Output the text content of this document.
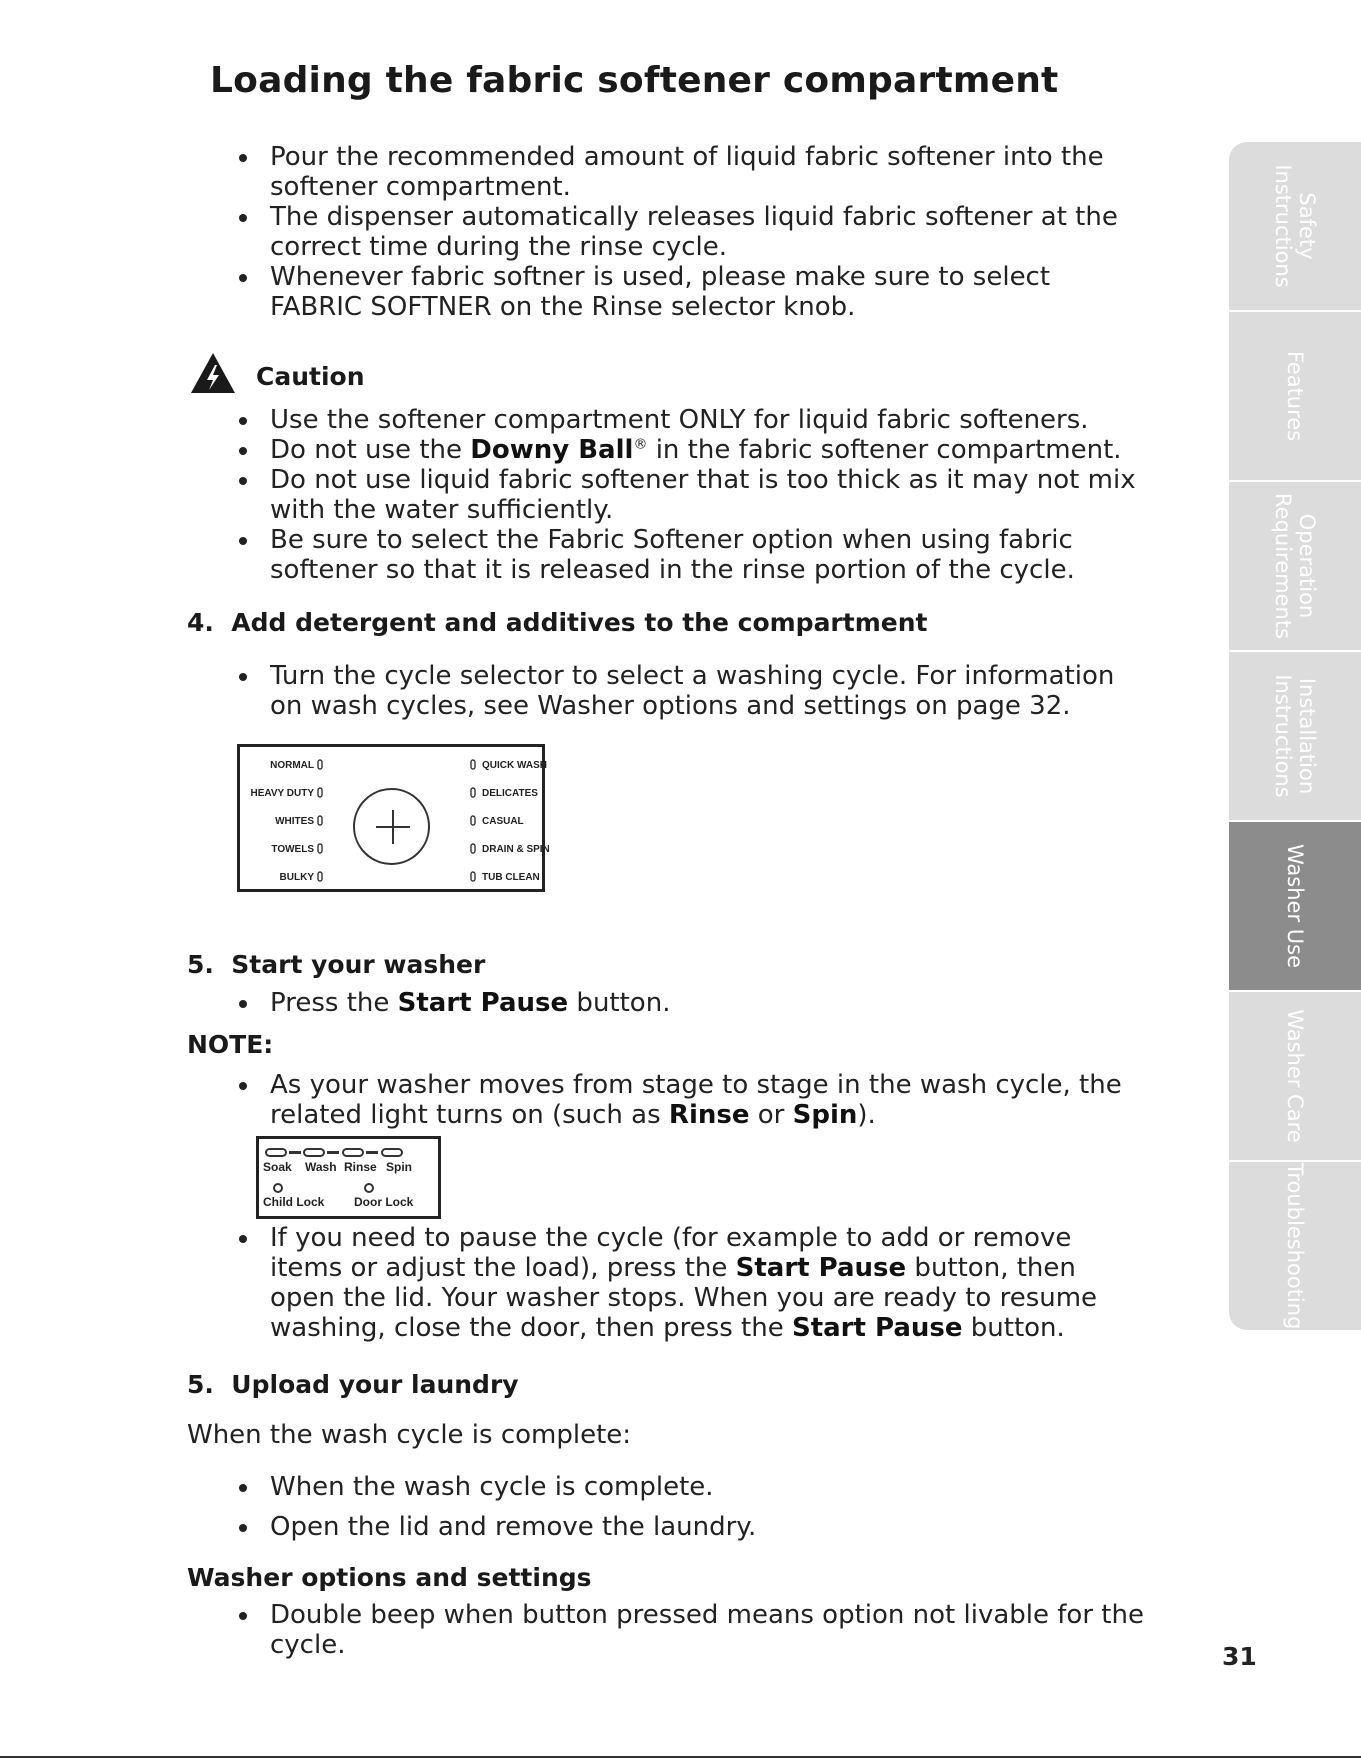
Loading the fabric softener compartment
Pour the recommended amount of liquid fabric softener into the softener compartment.
The dispenser automatically releases liquid fabric softener at the correct time during the rinse cycle.
Whenever fabric softner is used, please make sure to select FABRIC SOFTNER on the Rinse selector knob.
Caution
Use the softener compartment ONLY for liquid fabric softeners.
Do not use the Downy Ball® in the fabric softener compartment.
Do not use liquid fabric softener that is too thick as it may not mix with the water sufficiently.
Be sure to select the Fabric Softener option when using fabric softener so that it is released in the rinse portion of the cycle.
4.  Add detergent and additives to the compartment
Turn the cycle selector to select a washing cycle. For information on wash cycles, see Washer options and settings on page 32.
NORMAL
HEAVY DUTY
WHITES
TOWELS
BULKY
QUICK WASH
DELICATES
CASUAL
DRAIN & SPIN
TUB CLEAN
5.  Start your washer
Press the Start Pause button.
NOTE:
As your washer moves from stage to stage in the wash cycle, the related light turns on (such as Rinse or Spin).
Soak Wash Rinse Spin
Child Lock Door Lock
If you need to pause the cycle (for example to add or remove items or adjust the load), press the Start Pause button, then open the lid. Your washer stops. When you are ready to resume washing, close the door, then press the Start Pause button.
5.  Upload your laundry
When the wash cycle is complete:
When the wash cycle is complete.
Open the lid and remove the laundry.
Washer options and settings
Double beep when button pressed means option not livable for the cycle.
Safety
Instructions
Features
Operation
Requirements
Installation
Instructions
Washer Use
Washer Care
Troubleshooting
31
